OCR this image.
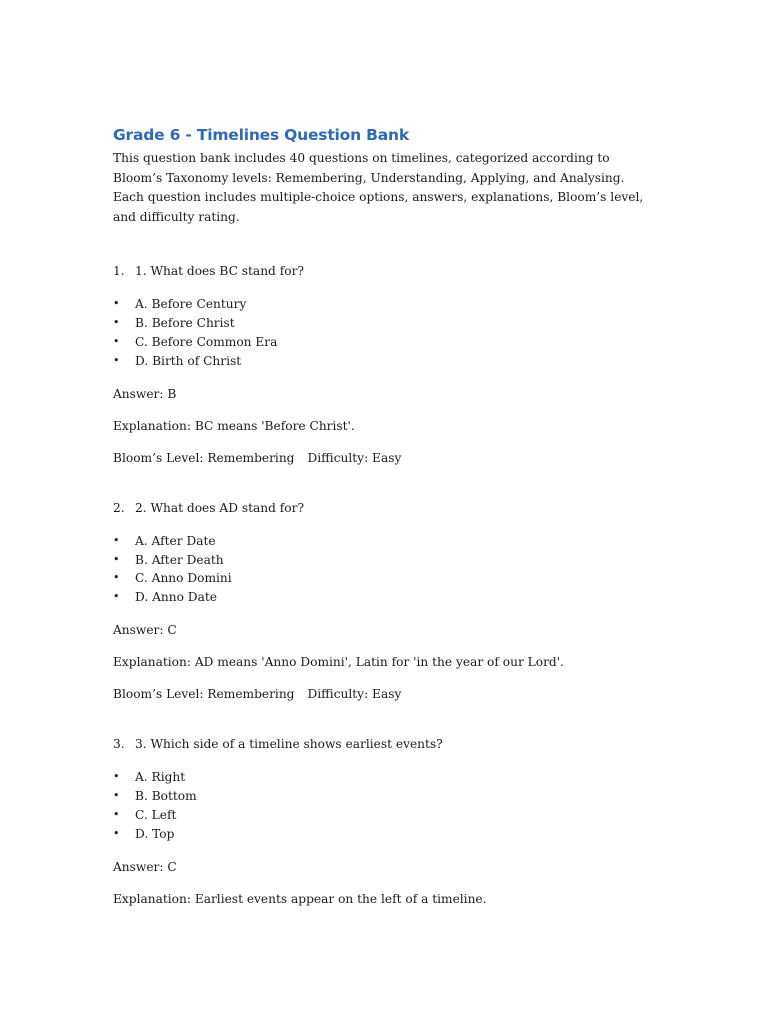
Grade 6 - Timelines Question Bank

This question bank includes 40 questions on timelines, categorized according to Bloom’s Taxonomy levels: Remembering, Understanding, Applying, and Analysing. Each question includes multiple-choice options, answers, explanations, Bloom’s level, and difficulty rating.

1. 1. What does BC stand for?
•	A. Before Century
•	B. Before Christ
•	C. Before Common Era
•	D. Birth of Christ

Answer: B

Explanation: BC means 'Before Christ'.

Bloom’s Level: Remembering Difficulty: Easy

2. 2. What does AD stand for?
•	A. After Date
•	B. After Death
•	C. Anno Domini
•	D. Anno Date

Answer: C

Explanation: AD means 'Anno Domini', Latin for 'in the year of our Lord'.

Bloom’s Level: Remembering Difficulty: Easy

3. 3. Which side of a timeline shows earliest events?
•	A. Right
•	B. Bottom
•	C. Left
•	D. Top

Answer: C

Explanation: Earliest events appear on the left of a timeline.
